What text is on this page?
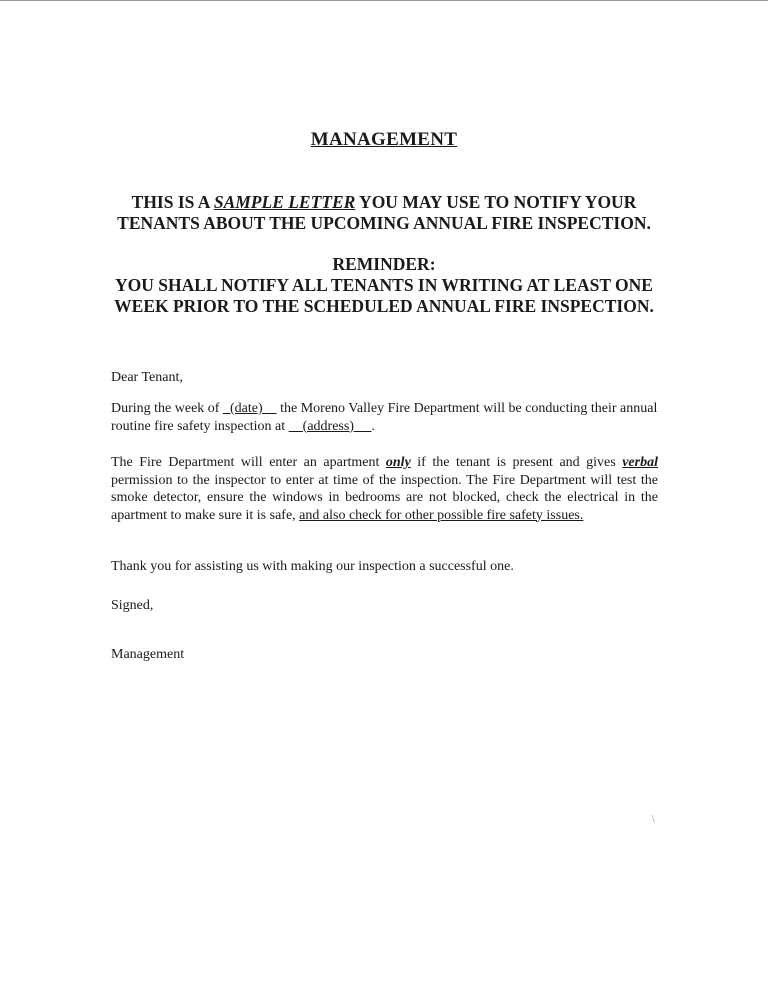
MANAGEMENT
THIS IS A SAMPLE LETTER YOU MAY USE TO NOTIFY YOUR TENANTS ABOUT THE UPCOMING ANNUAL FIRE INSPECTION.
REMINDER:
YOU SHALL NOTIFY ALL TENANTS IN WRITING AT LEAST ONE WEEK PRIOR TO THE SCHEDULED ANNUAL FIRE INSPECTION.
Dear Tenant,
During the week of   (date)     the Moreno Valley Fire Department will be conducting their annual routine fire safety inspection at     (address)     .
The Fire Department will enter an apartment only if the tenant is present and gives verbal permission to the inspector to enter at time of the inspection. The Fire Department will test the smoke detector, ensure the windows in bedrooms are not blocked, check the electrical in the apartment to make sure it is safe, and also check for other possible fire safety issues.
Thank you for assisting us with making our inspection a successful one.
Signed,
Management
∖
